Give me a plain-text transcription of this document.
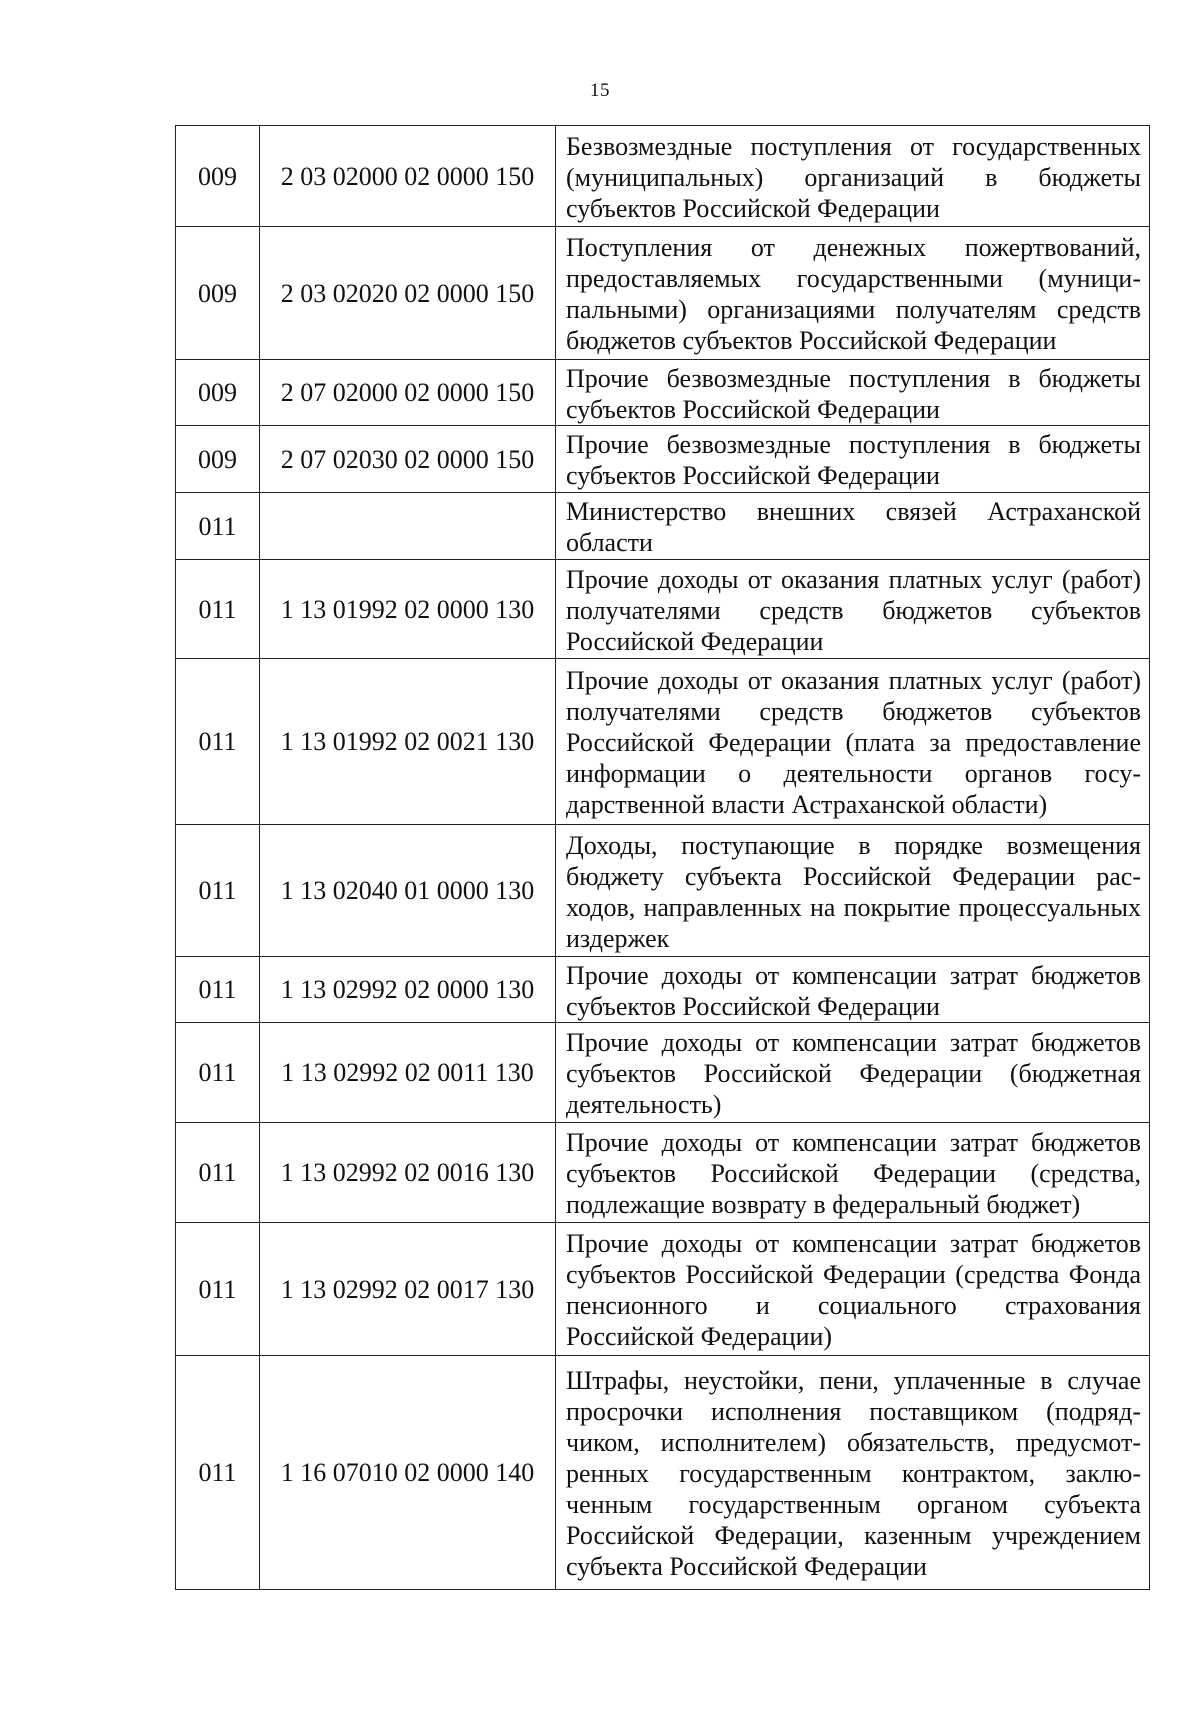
15
009	2 03 02000 02 0000 150	Безвозмездные поступления от государственных (муниципальных) организаций в бюджеты субъектов Российской Федерации
009	2 03 02020 02 0000 150	Поступления от денежных пожертвований, предоставляемых государственными (муниципальными) организациями получателям средств бюджетов субъектов Российской Федерации
009	2 07 02000 02 0000 150	Прочие безвозмездные поступления в бюджеты субъектов Российской Федерации
009	2 07 02030 02 0000 150	Прочие безвозмездные поступления в бюджеты субъектов Российской Федерации
011		Министерство внешних связей Астраханской области
011	1 13 01992 02 0000 130	Прочие доходы от оказания платных услуг (работ) получателями средств бюджетов субъектов Российской Федерации
011	1 13 01992 02 0021 130	Прочие доходы от оказания платных услуг (работ) получателями средств бюджетов субъектов Российской Федерации (плата за предоставление информации о деятельности органов государственной власти Астраханской области)
011	1 13 02040 01 0000 130	Доходы, поступающие в порядке возмещения бюджету субъекта Российской Федерации расходов, направленных на покрытие процессуальных издержек
011	1 13 02992 02 0000 130	Прочие доходы от компенсации затрат бюджетов субъектов Российской Федерации
011	1 13 02992 02 0011 130	Прочие доходы от компенсации затрат бюджетов субъектов Российской Федерации (бюджетная деятельность)
011	1 13 02992 02 0016 130	Прочие доходы от компенсации затрат бюджетов субъектов Российской Федерации (средства, подлежащие возврату в федеральный бюджет)
011	1 13 02992 02 0017 130	Прочие доходы от компенсации затрат бюджетов субъектов Российской Федерации (средства Фонда пенсионного и социального страхования Российской Федерации)
011	1 16 07010 02 0000 140	Штрафы, неустойки, пени, уплаченные в случае просрочки исполнения поставщиком (подрядчиком, исполнителем) обязательств, предусмотренных государственным контрактом, заключенным государственным органом субъекта Российской Федерации, казенным учреждением субъекта Российской Федерации
